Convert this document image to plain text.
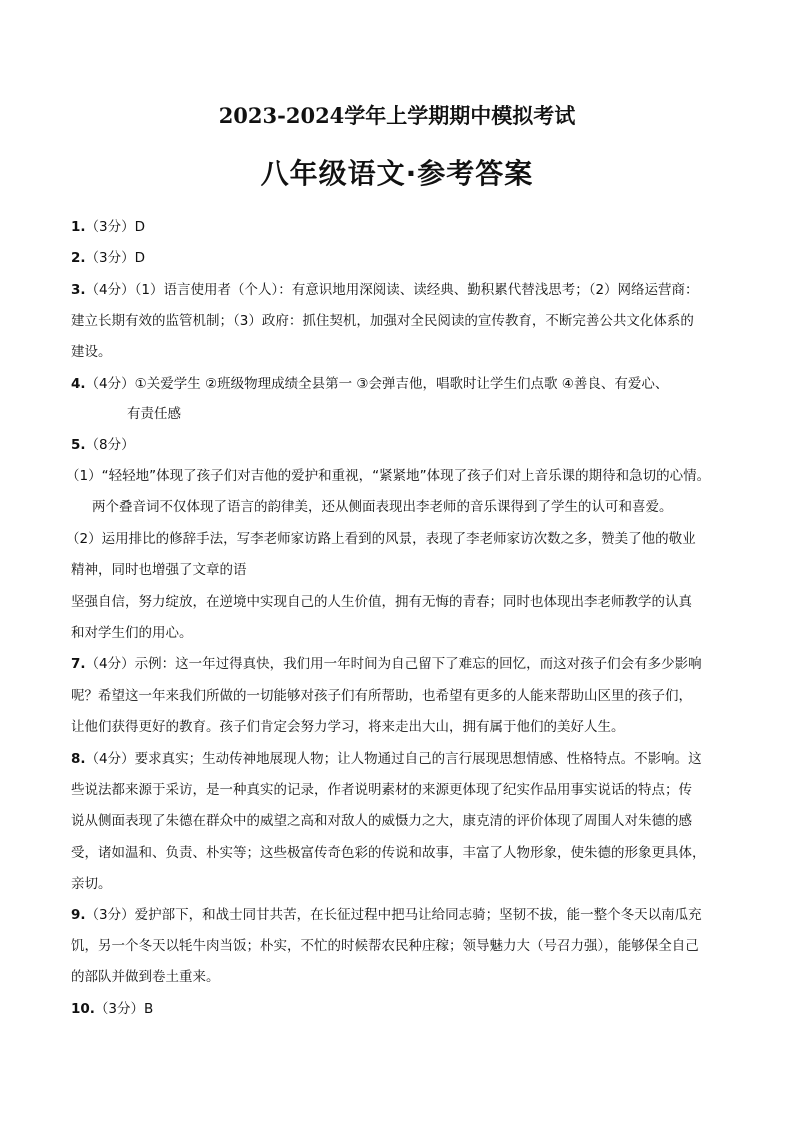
2023-2024学年上学期期中模拟考试
八年级语文·参考答案
1.（3分）D
2.（3分）D
3.（4分）（1）语言使用者（个人）：有意识地用深阅读、读经典、勤积累代替浅思考；（2）网络运营商：
建立长期有效的监管机制；（3）政府：抓住契机，加强对全民阅读的宣传教育，不断完善公共文化体系的
建设。
4.（4分）①关爱学生 ②班级物理成绩全县第一 ③会弹吉他，唱歌时让学生们点歌 ④善良、有爱心、
有责任感
5.（8分）
（1）“轻轻地”体现了孩子们对吉他的爱护和重视，“紧紧地”体现了孩子们对上音乐课的期待和急切的心情。
两个叠音词不仅体现了语言的韵律美，还从侧面表现出李老师的音乐课得到了学生的认可和喜爱。
（2）运用排比的修辞手法，写李老师家访路上看到的风景，表现了李老师家访次数之多，赞美了他的敬业
精神，同时也增强了文章的语
坚强自信，努力绽放，在逆境中实现自己的人生价值，拥有无悔的青春；同时也体现出李老师教学的认真
和对学生们的用心。
7.（4分）示例：这一年过得真快，我们用一年时间为自己留下了难忘的回忆，而这对孩子们会有多少影响
呢？希望这一年来我们所做的一切能够对孩子们有所帮助，也希望有更多的人能来帮助山区里的孩子们，
让他们获得更好的教育。孩子们肯定会努力学习，将来走出大山，拥有属于他们的美好人生。
8.（4分）要求真实；生动传神地展现人物；让人物通过自己的言行展现思想情感、性格特点。不影响。这
些说法都来源于采访，是一种真实的记录，作者说明素材的来源更体现了纪实作品用事实说话的特点；传
说从侧面表现了朱德在群众中的威望之高和对敌人的威慑力之大，康克清的评价体现了周围人对朱德的感
受，诸如温和、负责、朴实等；这些极富传奇色彩的传说和故事，丰富了人物形象，使朱德的形象更具体，
亲切。
9.（3分）爱护部下，和战士同甘共苦，在长征过程中把马让给同志骑；坚韧不拔，能一整个冬天以南瓜充
饥，另一个冬天以牦牛肉当饭；朴实，不忙的时候帮农民种庄稼；领导魅力大（号召力强），能够保全自己
的部队并做到卷土重来。
10.（3分）B
